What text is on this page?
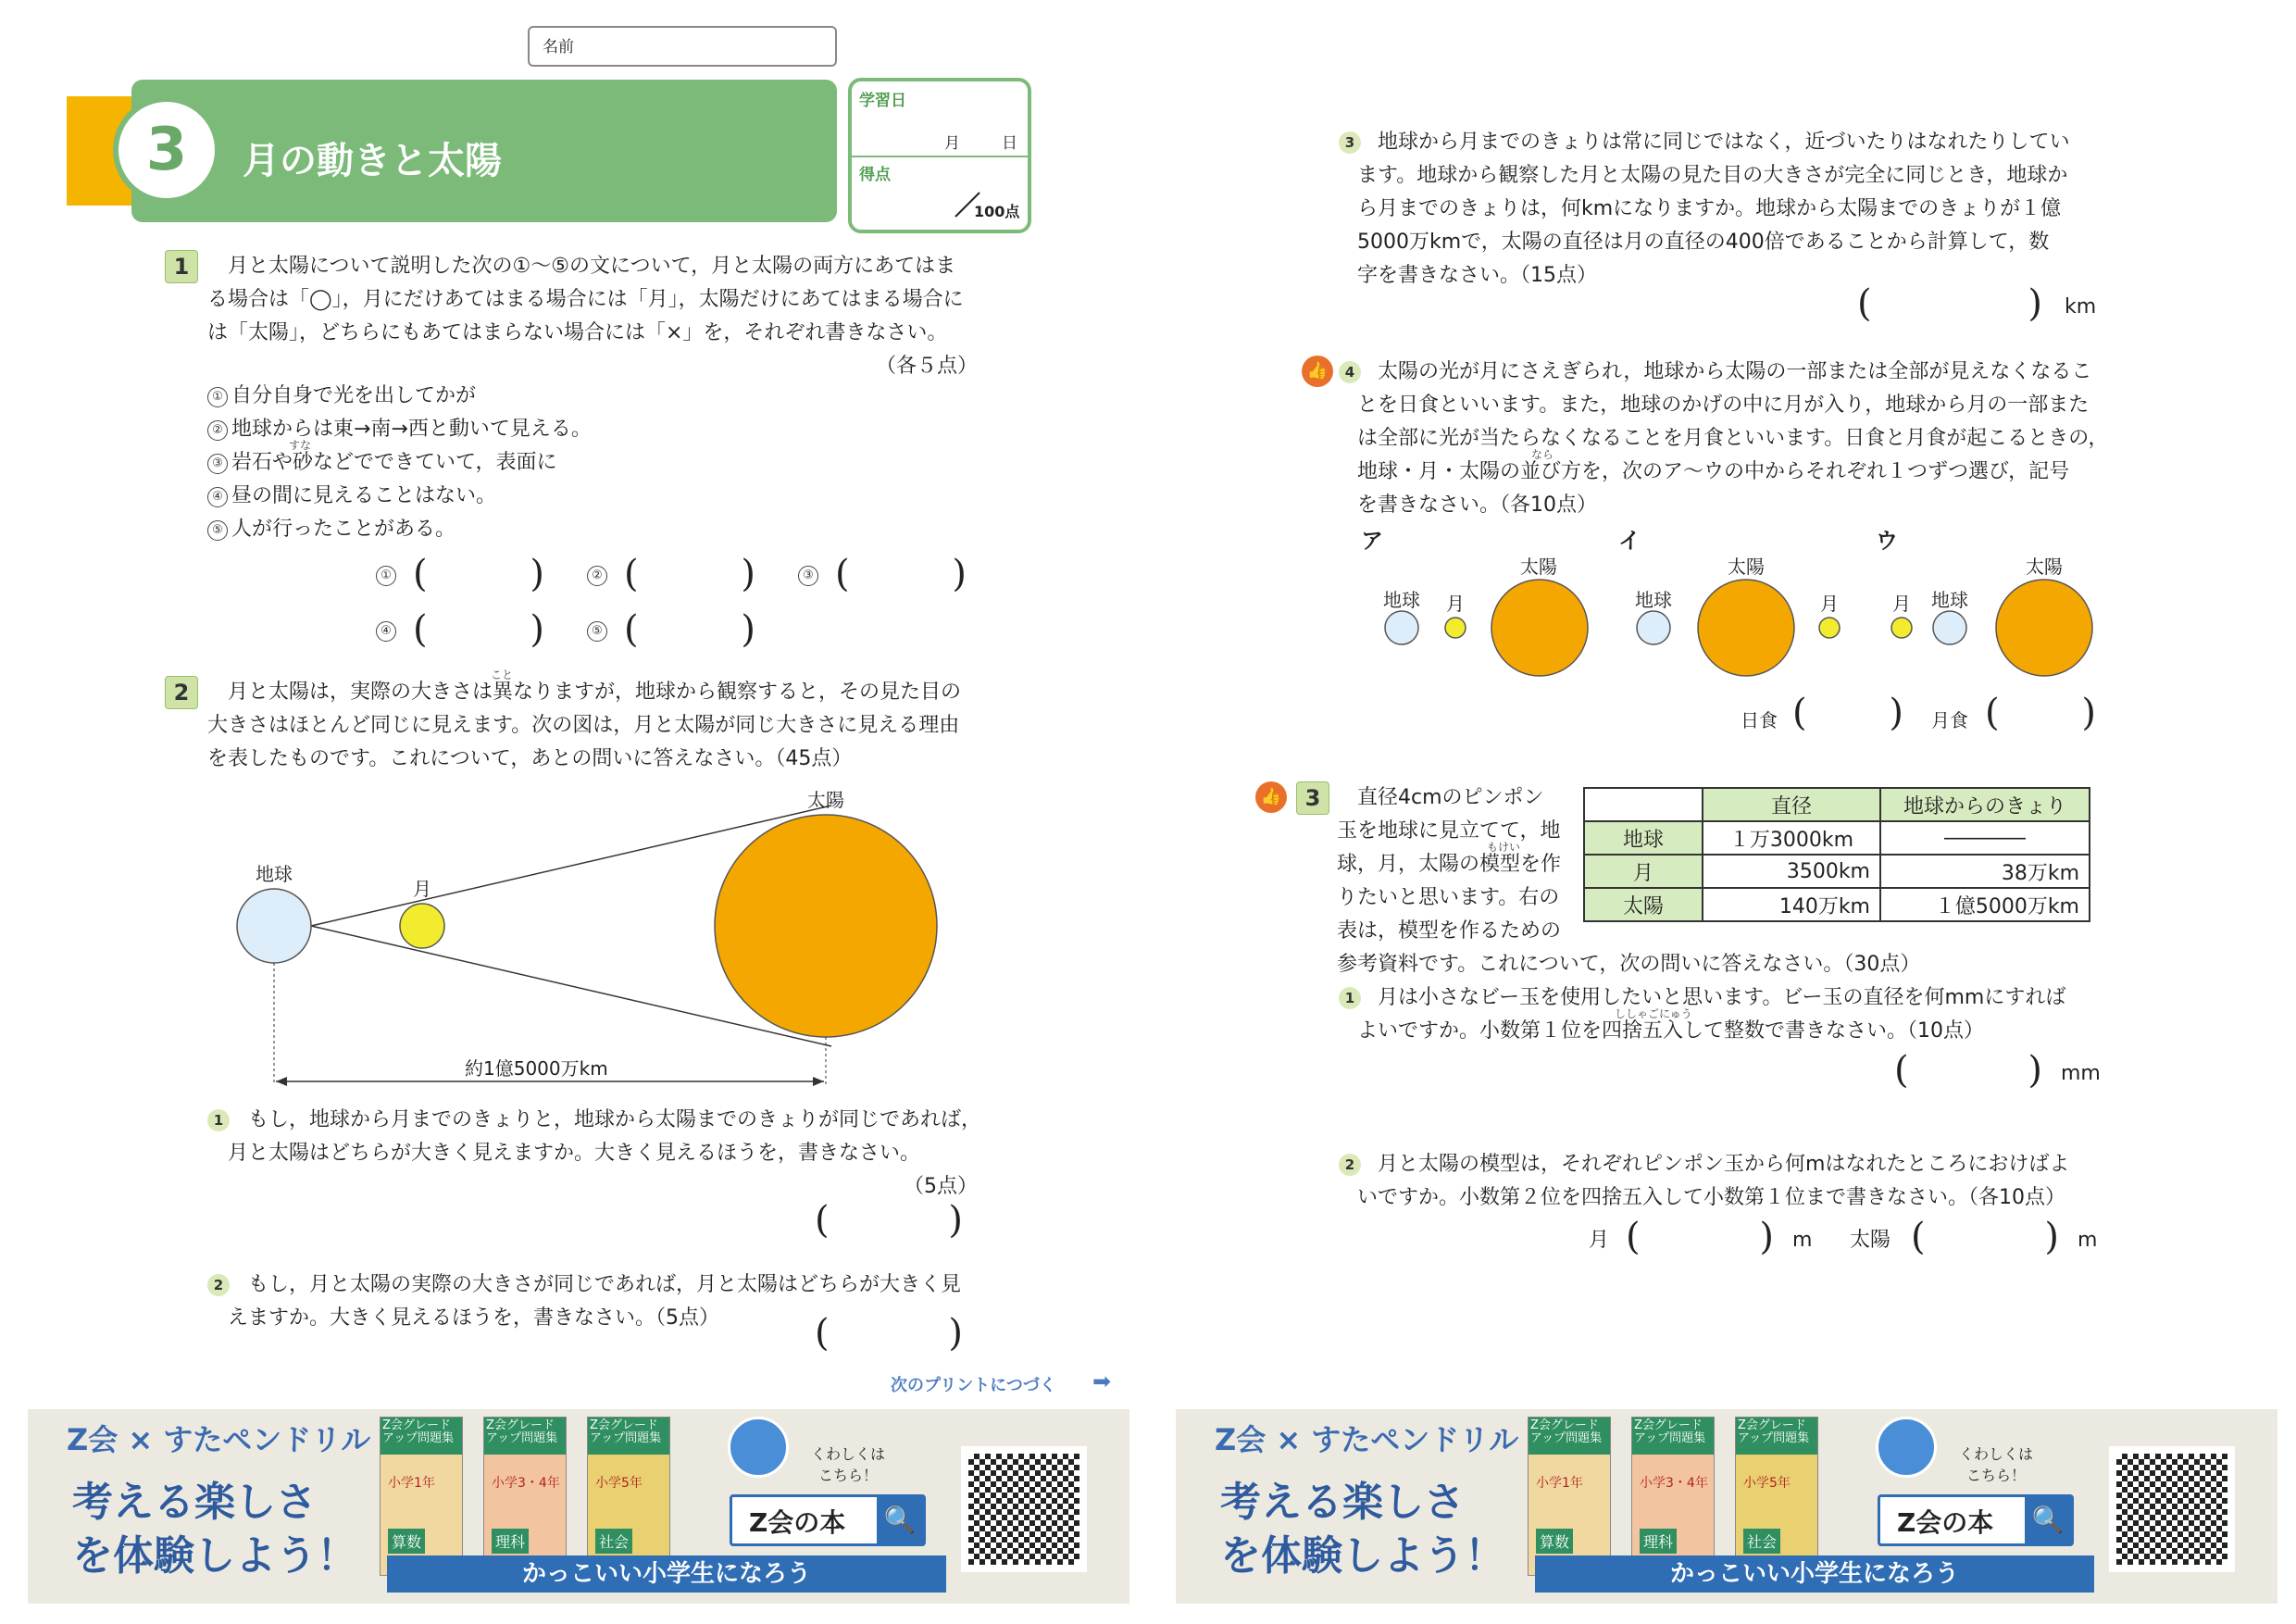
名前
3	月の動きと太陽
学習日
月	日
得点
100点
1	月と太陽について説明した次の①〜⑤の文について，月と太陽の両方にあてはま
る場合は「◯」，月にだけあてはまる場合には「月」，太陽だけにあてはまる場合に
は「太陽」，どちらにもあてはまらない場合には「×」を，それぞれ書きなさい。
（各５点）
① 自分自身で光を出してかが
② 地球からは東→南→西と動いて見える。
すな
③ 岩石や砂などでできていて，表面に
④ 昼の間に見えることはない。
⑤ 人が行ったことがある。
① (	)	② (	)	③ (	)
④ (	)	⑤ (	)
2
こと
月と太陽は，実際の大きさは異なりますが，地球から観察すると，その見た目の
大きさはほとんど同じに見えます。次の図は，月と太陽が同じ大きさに見える理由
を表したものです。これについて，あとの問いに答えなさい。（45点）
地球
月
太陽
約1億5000万km
1	もし，地球から月までのきょりと，地球から太陽までのきょりが同じであれば，
月と太陽はどちらが大きく見えますか。大きく見えるほうを，書きなさい。
（5点）
(	)
2	もし，月と太陽の実際の大きさが同じであれば，月と太陽はどちらが大きく見
えますか。大きく見えるほうを，書きなさい。（5点）	(	)
次のプリントにつづく ➡
3	地球から月までのきょりは常に同じではなく，近づいたりはなれたりしてい
ます。地球から観察した月と太陽の見た目の大きさが完全に同じとき，地球か
ら月までのきょりは，何kmになりますか。地球から太陽までのきょりが１億
5000万kmで，太陽の直径は月の直径の400倍であることから計算して，数
字を書きなさい。（15点）
(	) km
👍	4	太陽の光が月にさえぎられ，地球から太陽の一部または全部が見えなくなるこ
とを日食といいます。また，地球のかげの中に月が入り，地球から月の一部また
は全部に光が当たらなくなることを月食といいます。日食と月食が起こるときの，
なら
地球・月・太陽の並び方を，次のア〜ウの中からそれぞれ１つずつ選び，記号
を書きなさい。（各10点）
ア	イ	ウ
地球 月
太陽
地球
太陽
月	月 地球
太陽
日食 ( ) 月食 ( )
👍	3	直径4cmのピンポン
玉を地球に見立てて，地
もけい
球，月，太陽の模型を作
りたいと思います。右の
表は，模型を作るための
参考資料です。これについて，次の問いに答えなさい。（30点）
	直径	地球からのきょり
地球	１万3000km	――――
月	3500km	38万km
太陽	140万km	１億5000万km
1	月は小さなビー玉を使用したいと思います。ビー玉の直径を何mmにすれば
ししゃごにゅう
よいですか。小数第１位を四捨五入して整数で書きなさい。（10点）
(	) mm
2	月と太陽の模型は，それぞれピンポン玉から何mはなれたところにおけばよ
いですか。小数第２位を四捨五入して小数第１位まで書きなさい。（各10点）
月 (	) m 太陽 (	) m
Z会 × すたペンドリル
考える楽しさ
を体験しよう！
Z会グレードアップ問題集
小学1年
算数
Z会グレードアップ問題集
小学3・4年
理科
Z会グレードアップ問題集
小学5年
社会
くわしくは こちら！
Z会の本 🔍
かっこいい小学生になろう
Z会 × すたペンドリル
考える楽しさ
を体験しよう！
Z会グレードアップ問題集
小学1年
算数
Z会グレードアップ問題集
小学3・4年
理科
Z会グレードアップ問題集
小学5年
社会
くわしくは こちら！
Z会の本 🔍
かっこいい小学生になろう
